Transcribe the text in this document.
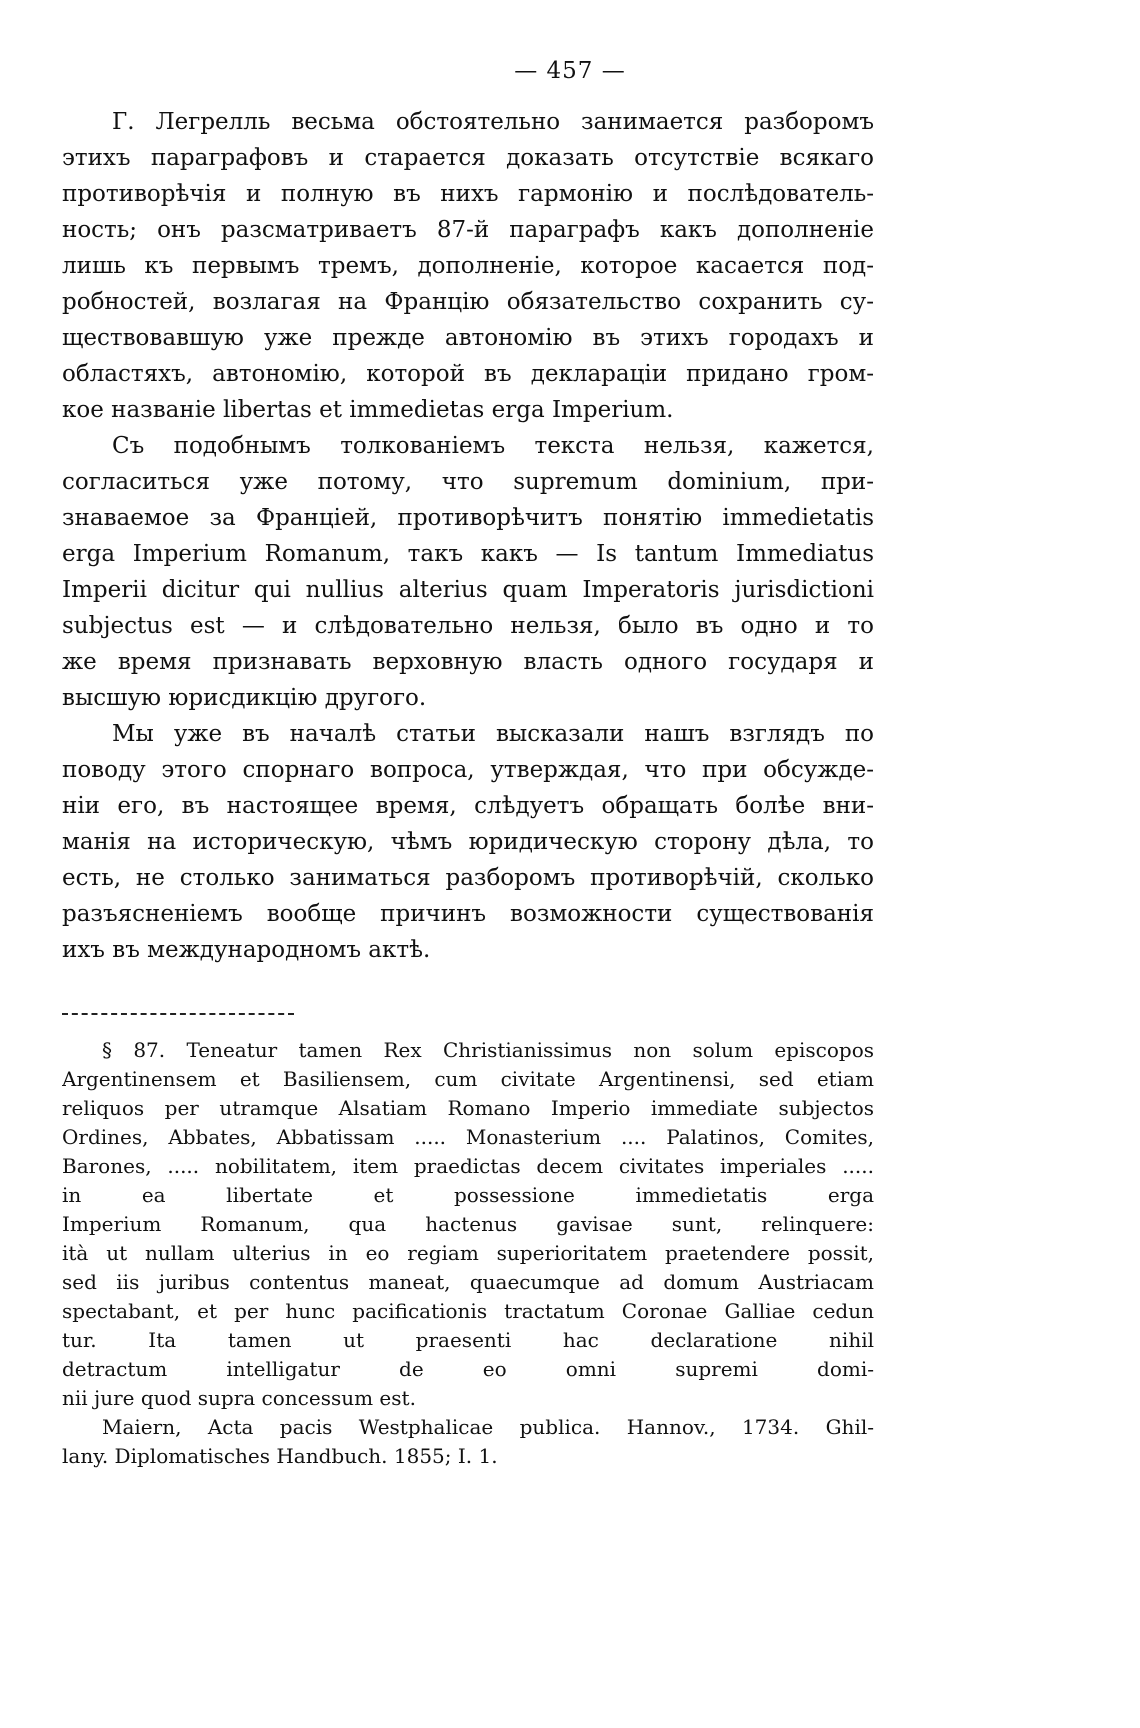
— 457 —
Г. Легрелль весьма обстоятельно занимается разборомъ
этихъ параграфовъ и старается доказать отсутствіе всякаго
противорѣчія и полную въ нихъ гармонію и послѣдователь-
ность; онъ разсматриваетъ 87-й параграфъ какъ дополненіе
лишь къ первымъ тремъ, дополненіе, которое касается под-
робностей, возлагая на Францію обязательство сохранить су-
ществовавшую уже прежде автономію въ этихъ городахъ и
областяхъ, автономію, которой въ деклараціи придано гром-
кое названіе libertas et immedietas erga Imperium.
Съ подобнымъ толкованіемъ текста нельзя, кажется,
согласиться уже потому, что supremum dominium, при-
знаваемое за Франціей, противорѣчитъ понятію immedietatis
erga Imperium Romanum, такъ какъ — Is tantum Immediatus
Imperii dicitur qui nullius alterius quam Imperatoris jurisdictioni
subjectus est — и слѣдовательно нельзя, было въ одно и то
же время признавать верховную власть одного государя и
высшую юрисдикцію другого.
Мы уже въ началѣ статьи высказали нашъ взглядъ по
поводу этого спорнаго вопроса, утверждая, что при обсужде-
ніи его, въ настоящее время, слѣдуетъ обращать болѣе вни-
манія на историческую, чѣмъ юридическую сторону дѣла, то
есть, не столько заниматься разборомъ противорѣчій, сколько
разъясненіемъ вообще причинъ возможности существованія
ихъ въ международномъ актѣ.
§ 87. Teneatur tamen Rex Christianissimus non solum episcopos
Argentinensem et Basiliensem, cum civitate Argentinensi, sed etiam
reliquos per utramque Alsatiam Romano Imperio immediate subjectos
Ordines, Abbates, Abbatissam ..... Monasterium .... Palatinos, Comites,
Barones, ..... nobilitatem, item praedictas decem civitates imperiales .....
in ea libertate et possessione immedietatis erga
Imperium Romanum, qua hactenus gavisae sunt, relinquere:
ità ut nullam ulterius in eo regiam superioritatem praetendere possit,
sed iis juribus contentus maneat, quaecumque ad domum Austriacam
spectabant, et per hunc pacificationis tractatum Coronae Galliae cedun
tur. Ita tamen ut praesenti hac declaratione nihil
detractum intelligatur de eo omni supremi domi-
nii jure quod supra concessum est.
Maiern, Acta pacis Westphalicae publica. Hannov., 1734. Ghil-
lany. Diplomatisches Handbuch. 1855; I. 1.
